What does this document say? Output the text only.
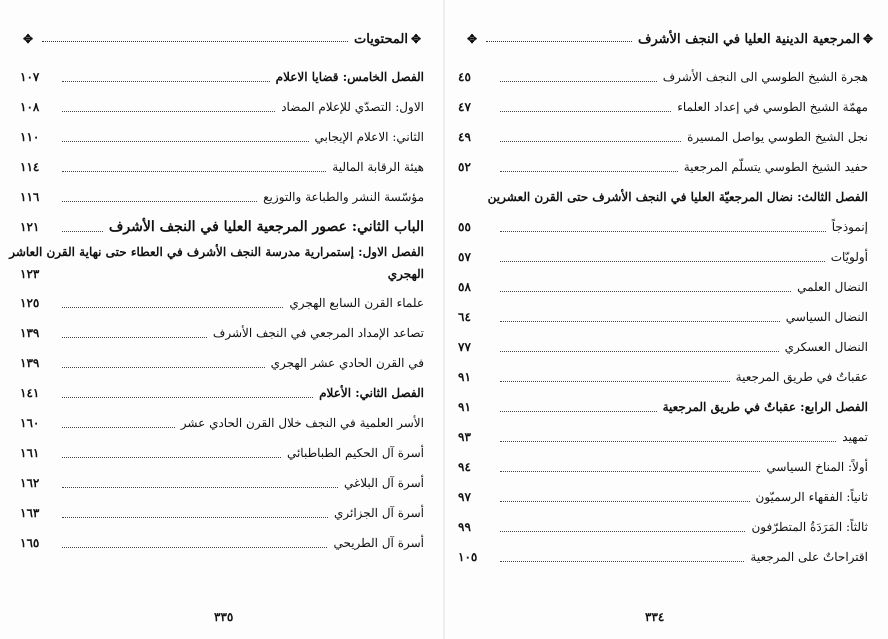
✥
المحتويات
✥
الفصل الخامس: قضايا الاعلام
١٠٧
الاول: التصدّي للإعلام المضاد
١٠٨
الثاني: الاعلام الإيجابي
١١٠
هيئة الرقابة المالية
١١٤
مؤسّسة النشر والطباعة والتوزيع
١١٦
الباب الثاني: عصور المرجعية العليا في النجف الأشرف
١٢١
الفصل الاول: إستمرارية مدرسة النجف الأشرف في العطاء حتى نهاية القرن العاشر
الهجري
١٢٣
علماء القرن السابع الهجري
١٢٥
تصاعد الإمداد المرجعي في النجف الأشرف
١٣٩
في القرن الحادي عشر الهجري
١٣٩
الفصل الثاني: الأعلام
١٤١
الأسر العلمية في النجف خلال القرن الحادي عشر
١٦٠
أسرة آل الحكيم الطباطبائي
١٦١
أسرة آل البلاغي
١٦٢
أسرة آل الجزائري
١٦٣
أسرة آل الطريحي
١٦٥
٣٣٥
✥
المرجعية الدينية العليا في النجف الأشرف
✥
هجرة الشيخ الطوسي الى النجف الأشرف
٤٥
مهمّة الشيخ الطوسي في إعداد العلماء
٤٧
نجل الشيخ الطوسي يواصل المسيرة
٤٩
حفيد الشيخ الطوسي يتسلّم المرجعية
٥٢
الفصل الثالث: نضال المرجعيّة العليا في النجف الأشرف حتى القرن العشرين
إنموذجاً
٥٥
أولويّات
٥٧
النضال العلمي
٥٨
النضال السياسي
٦٤
النضال العسكري
٧٧
عقباتٌ في طريق المرجعية
٩١
الفصل الرابع: عقباتٌ في طريق المرجعية
٩١
تمهيد
٩٣
أولاً: المناخ السياسي
٩٤
ثانياً: الفقهاء الرسميّون
٩٧
ثالثاً: المَرَدَةُ المتطرّفون
٩٩
اقتراحاتٌ على المرجعية
١٠٥
٣٣٤
